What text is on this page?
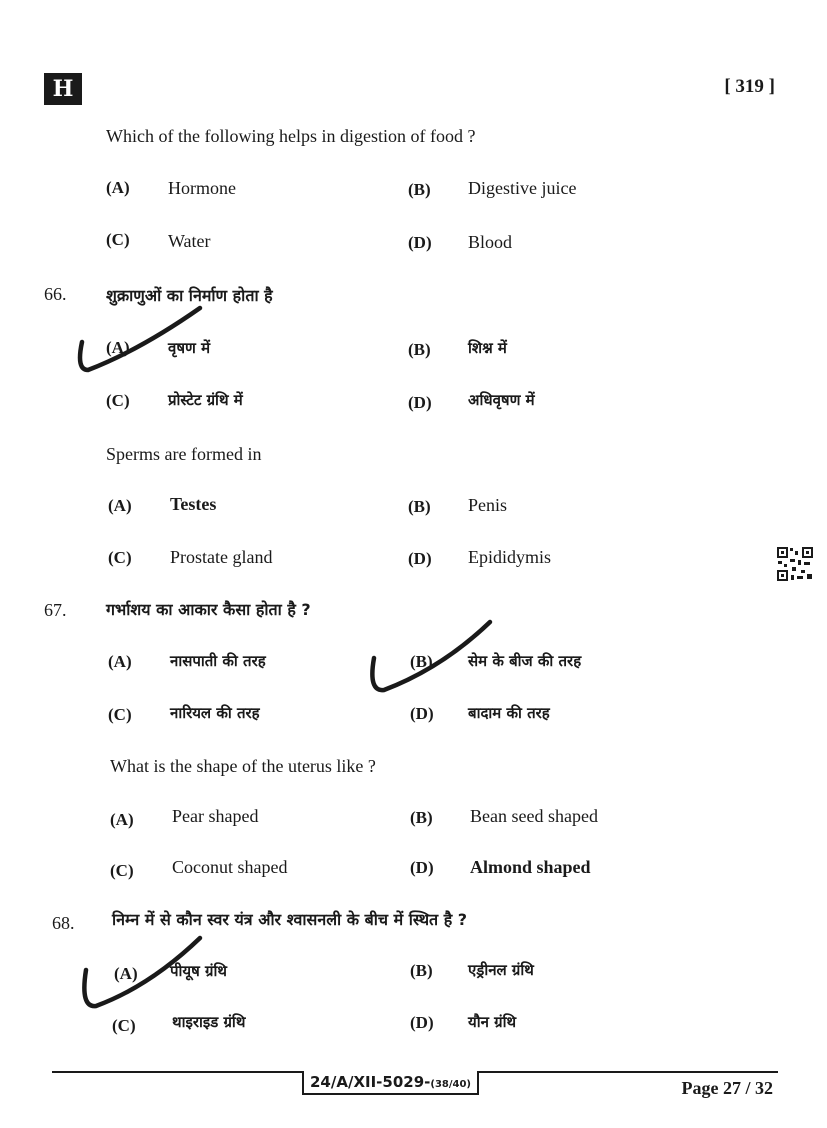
H	[ 319 ]
Which of the following helps in digestion of food ?
(A) Hormone	(B) Digestive juice
(C) Water	(D) Blood
66. शुक्राणुओं का निर्माण होता है
(A)	वृषण में	(B) शिश्न में
(C)	प्रोस्टेट ग्रंथि में	(D) अधिवृषण में
Sperms are formed in
(A) Testes	(B) Penis
(C) Prostate gland	(D) Epididymis
67. गर्भाशय का आकार कैसा होता है ?
(A)	नासपाती की तरह	(B) सेम के बीज की तरह
(C)	नारियल की तरह	(D) बादाम की तरह
What is the shape of the uterus like ?
(A) Pear shaped	(B) Bean seed shaped
(C) Coconut shaped	(D) Almond shaped
68. निम्न में से कौन स्वर यंत्र और श्वासनली के बीच में स्थित है ?
(A) पीयूष ग्रंथि	(B) एड्रीनल ग्रंथि
(C) थाइराइड ग्रंथि	(D) यौन ग्रंथि
24/A/XII-5029-(38/40)	Page 27 / 32
